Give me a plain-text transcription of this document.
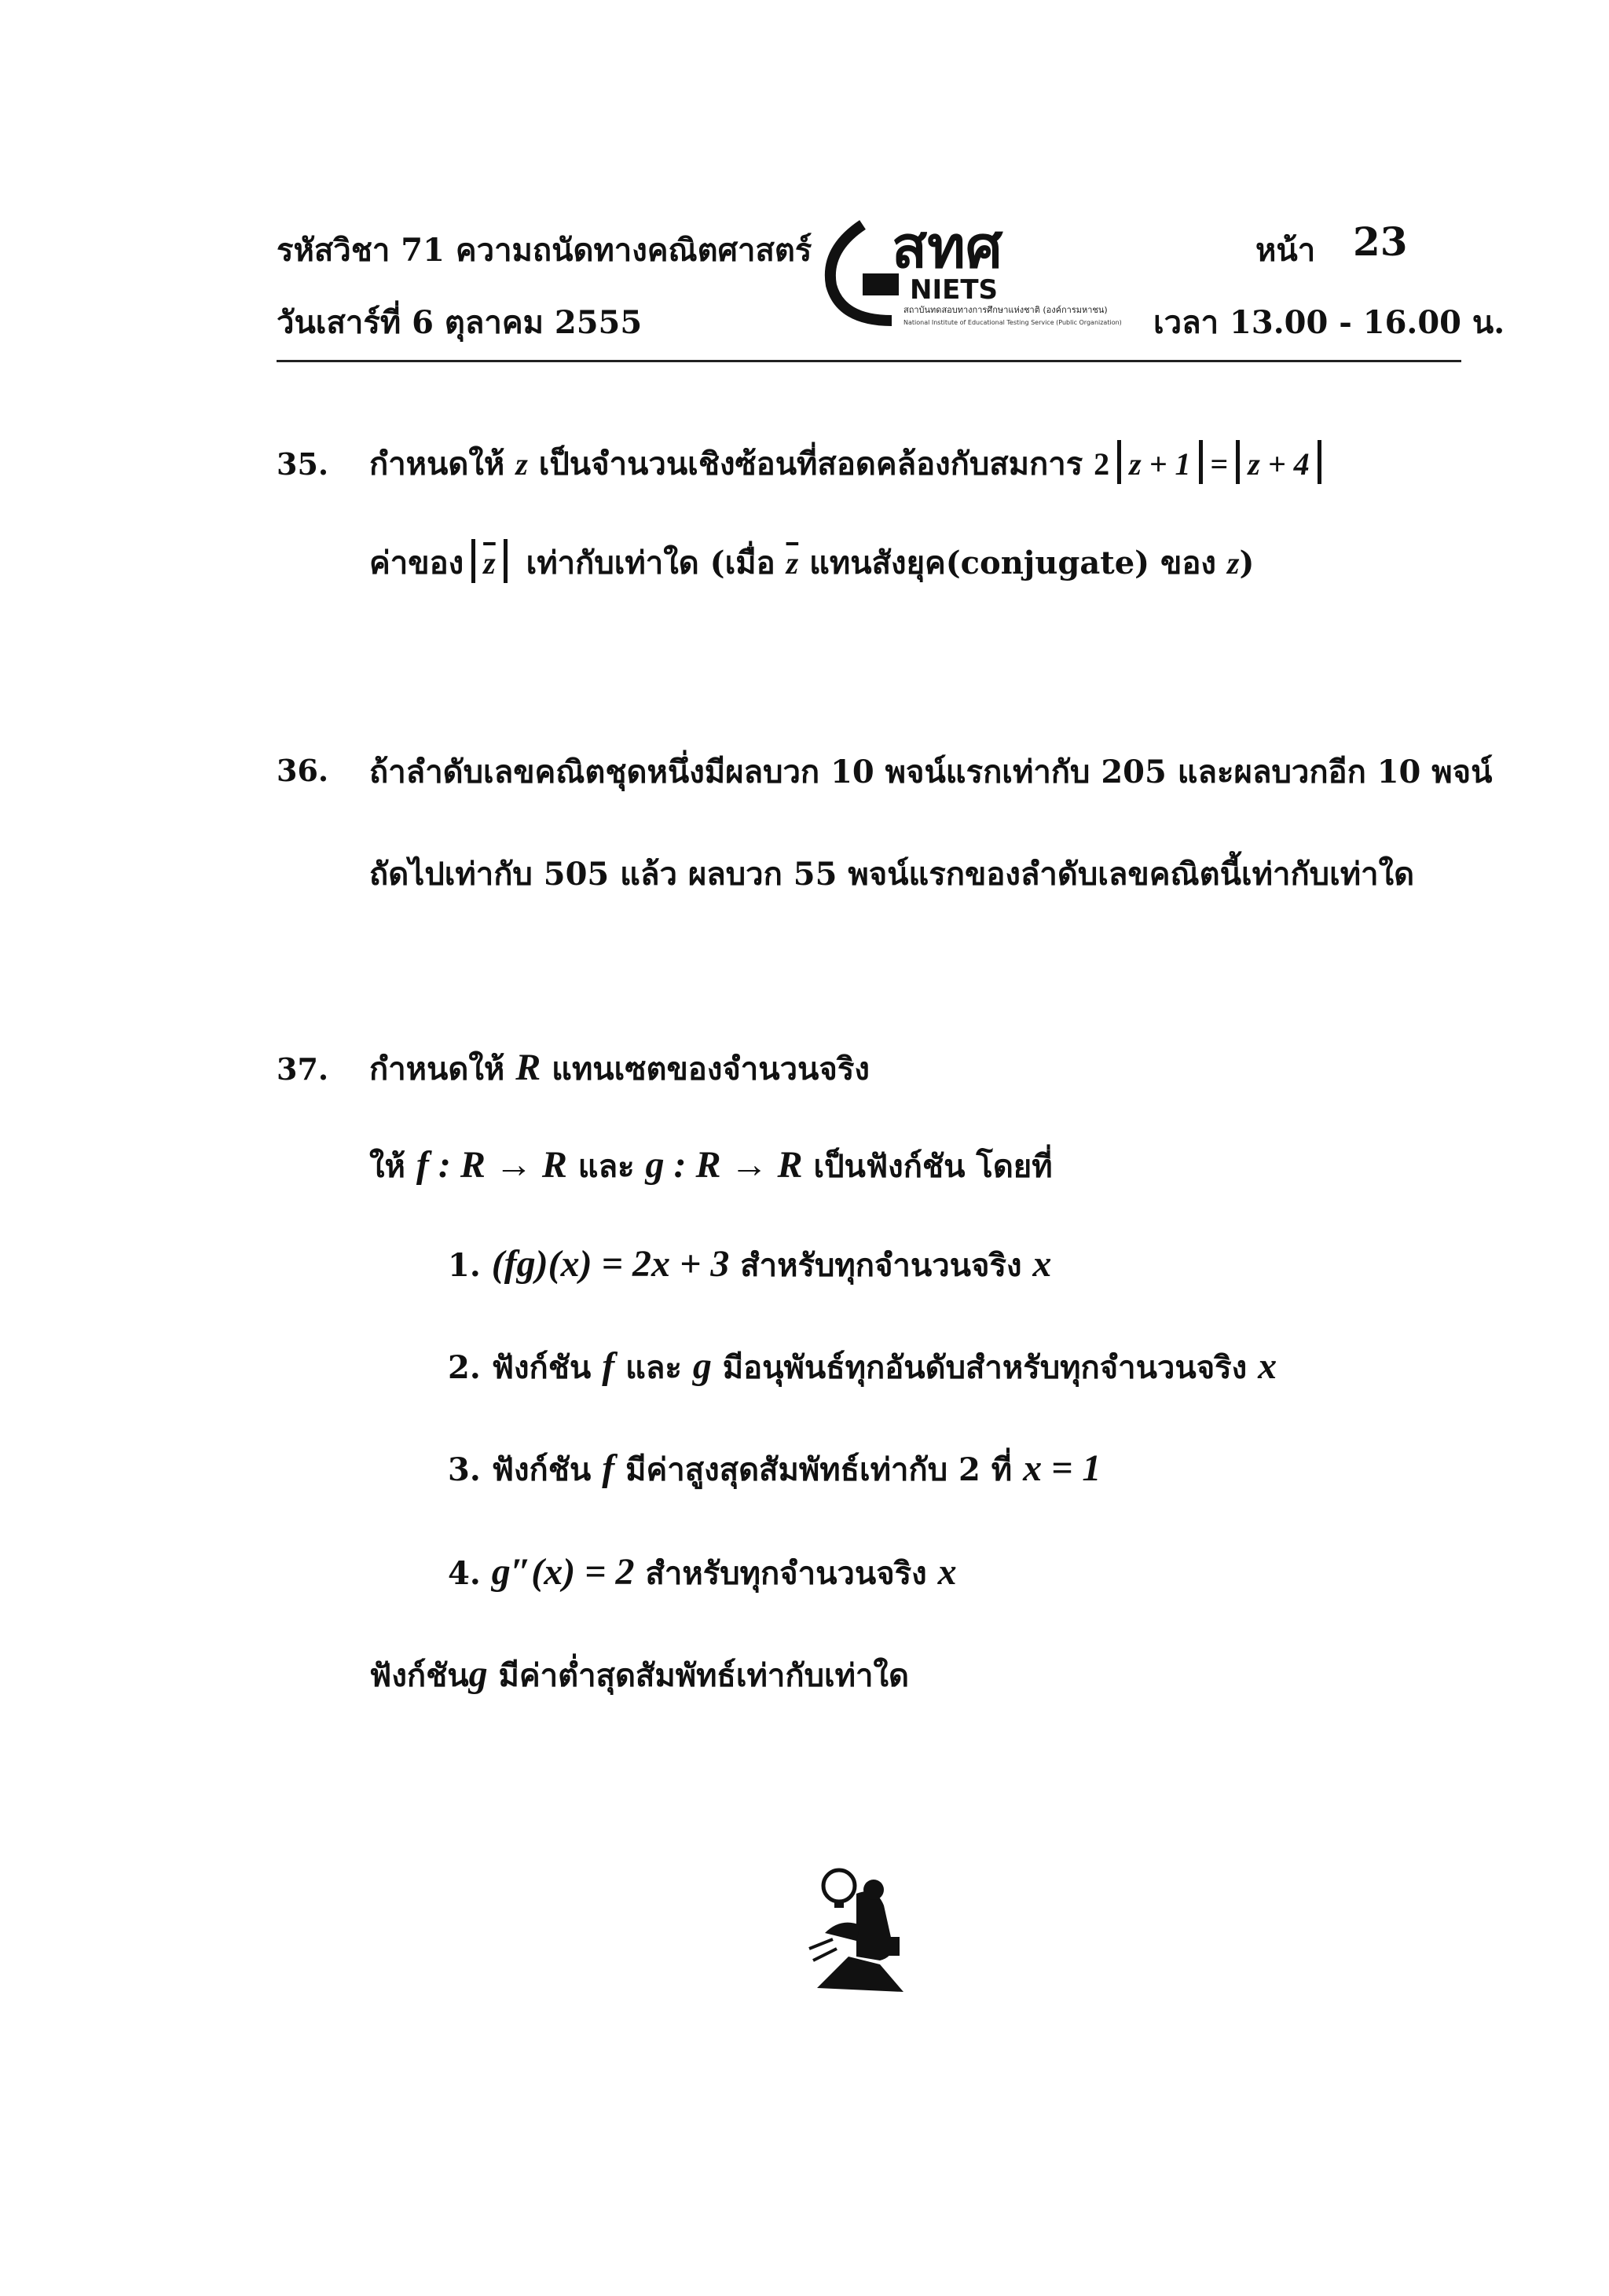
รหัสวิชา 71 ความถนัดทางคณิตศาสตร์	หน้า 23
วันเสาร์ที่ 6 ตุลาคม 2555	เวลา 13.00 - 16.00 น.
สทศ
NIETS
สถาบันทดสอบทางการศึกษาแห่งชาติ (องค์การมหาชน)
National Institute of Educational Testing Service (Public Organization)
35. กำหนดให้ z เป็นจำนวนเชิงซ้อนที่สอดคล้องกับสมการ 2 z + 1 = z + 4
ค่าของ $\overline{z}$ เท่ากับเท่าใด (เมื่อ $\overline{z}$ แทนสังยุค(conjugate) ของ z)
36. ถ้าลำดับเลขคณิตชุดหนึ่งมีผลบวก 10 พจน์แรกเท่ากับ 205 และผลบวกอีก 10 พจน์
ถัดไปเท่ากับ 505 แล้ว ผลบวก 55 พจน์แรกของลำดับเลขคณิตนี้เท่ากับเท่าใด
37. กำหนดให้ R แทนเซตของจำนวนจริง
ให้ f : R → R และ g : R → R เป็นฟังก์ชัน โดยที่
1. (fg)(x) = 2x + 3 สำหรับทุกจำนวนจริง x
2. ฟังก์ชัน f และ g มีอนุพันธ์ทุกอันดับสำหรับทุกจำนวนจริง x
3. ฟังก์ชัน f มีค่าสูงสุดสัมพัทธ์เท่ากับ 2 ที่ x = 1
4. g″(x) = 2 สำหรับทุกจำนวนจริง x
ฟังก์ชันg มีค่าต่ำสุดสัมพัทธ์เท่ากับเท่าใด
